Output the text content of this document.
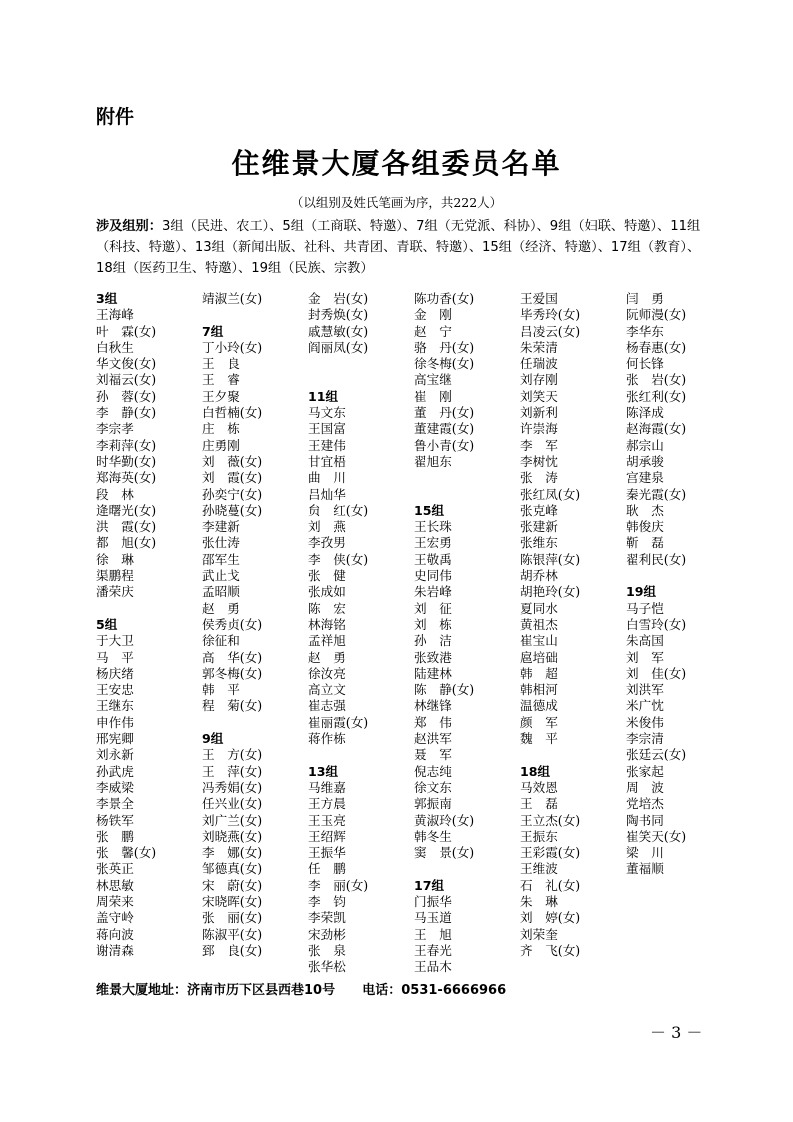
附件
住维景大厦各组委员名单
（以组别及姓氏笔画为序，共222人）
涉及组别：3组（民进、农工）、5组（工商联、特邀）、7组（无党派、科协）、9组（妇联、特邀）、11组（科技、特邀）、13组（新闻出版、社科、共青团、青联、特邀）、15组（经济、特邀）、17组（教育）、18组（医药卫生、特邀）、19组（民族、宗教）
3组
王海峰
叶　霖(女)
白秋生
华文俊(女)
刘福云(女)
孙　蓉(女)
李　静(女)
李宗孝
李莉萍(女)
时华勤(女)
郑海英(女)
段　林
逄曙光(女)
洪　霞(女)
都　旭(女)
徐　琳
渠鹏程
潘荣庆
5组
于大卫
马　平
杨庆绪
王安忠
王继东
申作伟
邢宪卿
刘永新
孙武虎
李威梁
李景全
杨铁军
张　鹏
张　馨(女)
张英正
林思敏
周荣来
盖守岭
蒋向波
谢清森
靖淑兰(女)
7组
丁小玲(女)
王　良
王　睿
王夕聚
白哲楠(女)
庄　栋
庄勇刚
刘　薇(女)
刘　霞(女)
孙奕宁(女)
孙晓蔓(女)
李建新
张仕涛
邵军生
武止戈
孟昭顺
赵　勇
侯秀贞(女)
徐征和
高　华(女)
郭冬梅(女)
韩　平
程　菊(女)
9组
王　方(女)
王　萍(女)
冯秀娟(女)
任兴业(女)
刘广兰(女)
刘晓燕(女)
李　娜(女)
邹德真(女)
宋　蔚(女)
宋晓晖(女)
张　丽(女)
陈淑平(女)
郅　良(女)
金　岩(女)
封秀焕(女)
戚慧敏(女)
阎丽凤(女)
11组
马文东
王国富
王建伟
甘宜梧
曲　川
吕灿华
贠　红(女)
刘　燕
李孜男
李　侠(女)
张　健
张成如
陈　宏
林海铭
孟祥旭
赵　勇
徐汝亮
高立文
崔志强
崔丽霞(女)
蒋作栋
13组
马维嘉
王方晨
王玉亮
王绍辉
王振华
任　鹏
李　丽(女)
李　钧
李荣凯
宋劲彬
张　泉
张华松
陈功香(女)
金　刚
赵　宁
骆　丹(女)
徐冬梅(女)
高宝继
崔　刚
董　丹(女)
董建霞(女)
鲁小青(女)
翟旭东
15组
王长珠
王宏勇
王敬禹
史同伟
朱岩峰
刘　征
刘　栋
孙　洁
张致港
陆建林
陈　静(女)
林继锋
郑　伟
赵洪军
聂　军
倪志纯
徐文东
郭振南
黄淑玲(女)
韩冬生
窦　景(女)
17组
门振华
马玉道
王　旭
王春光
王品木
王爱国
毕秀玲(女)
吕凌云(女)
朱荣清
任瑞波
刘存刚
刘笑天
刘新利
许崇海
李　军
李树忱
张　涛
张红凤(女)
张克峰
张建新
张维东
陈银萍(女)
胡乔林
胡艳玲(女)
夏同水
黄祖杰
崔宝山
扈培础
韩　超
韩相河
温德成
颜　军
魏　平
18组
马效恩
王　磊
王立杰(女)
王振东
王彩霞(女)
王维波
石　礼(女)
朱　琳
刘　婷(女)
刘荣奎
齐　飞(女)
闫　勇
阮师漫(女)
李华东
杨春惠(女)
何长锋
张　岩(女)
张红利(女)
陈泽成
赵海霞(女)
郝宗山
胡承骏
宫建泉
秦光霞(女)
耿　杰
韩俊庆
靳　磊
翟利民(女)
19组
马子恺
白雪玲(女)
朱高国
刘　军
刘　佳(女)
刘洪军
米广忱
米俊伟
李宗清
张廷云(女)
张家起
周　波
党培杰
陶书同
崔笑天(女)
梁　川
董福顺
维景大厦地址：济南市历下区县西巷10号 电话：0531-6666966
－ 3 －
